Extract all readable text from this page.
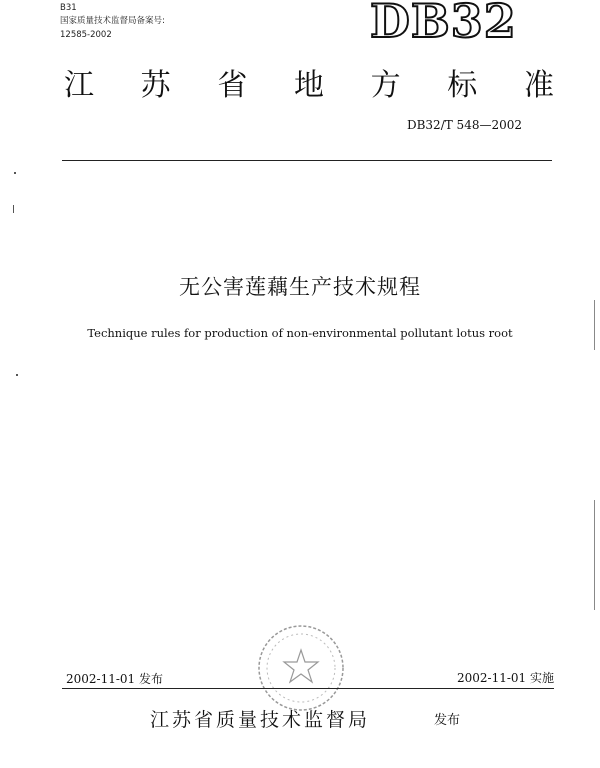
B31
国家质量技术监督局备案号:
12585-2002	DB32
江 苏 省 地 方 标 准
DB32/T 548—2002
无公害莲藕生产技术规程
Technique rules for production of non-environmental pollutant lotus root
2002-11-01 发布	2002-11-01 实施
江苏省质量技术监督局	发布
